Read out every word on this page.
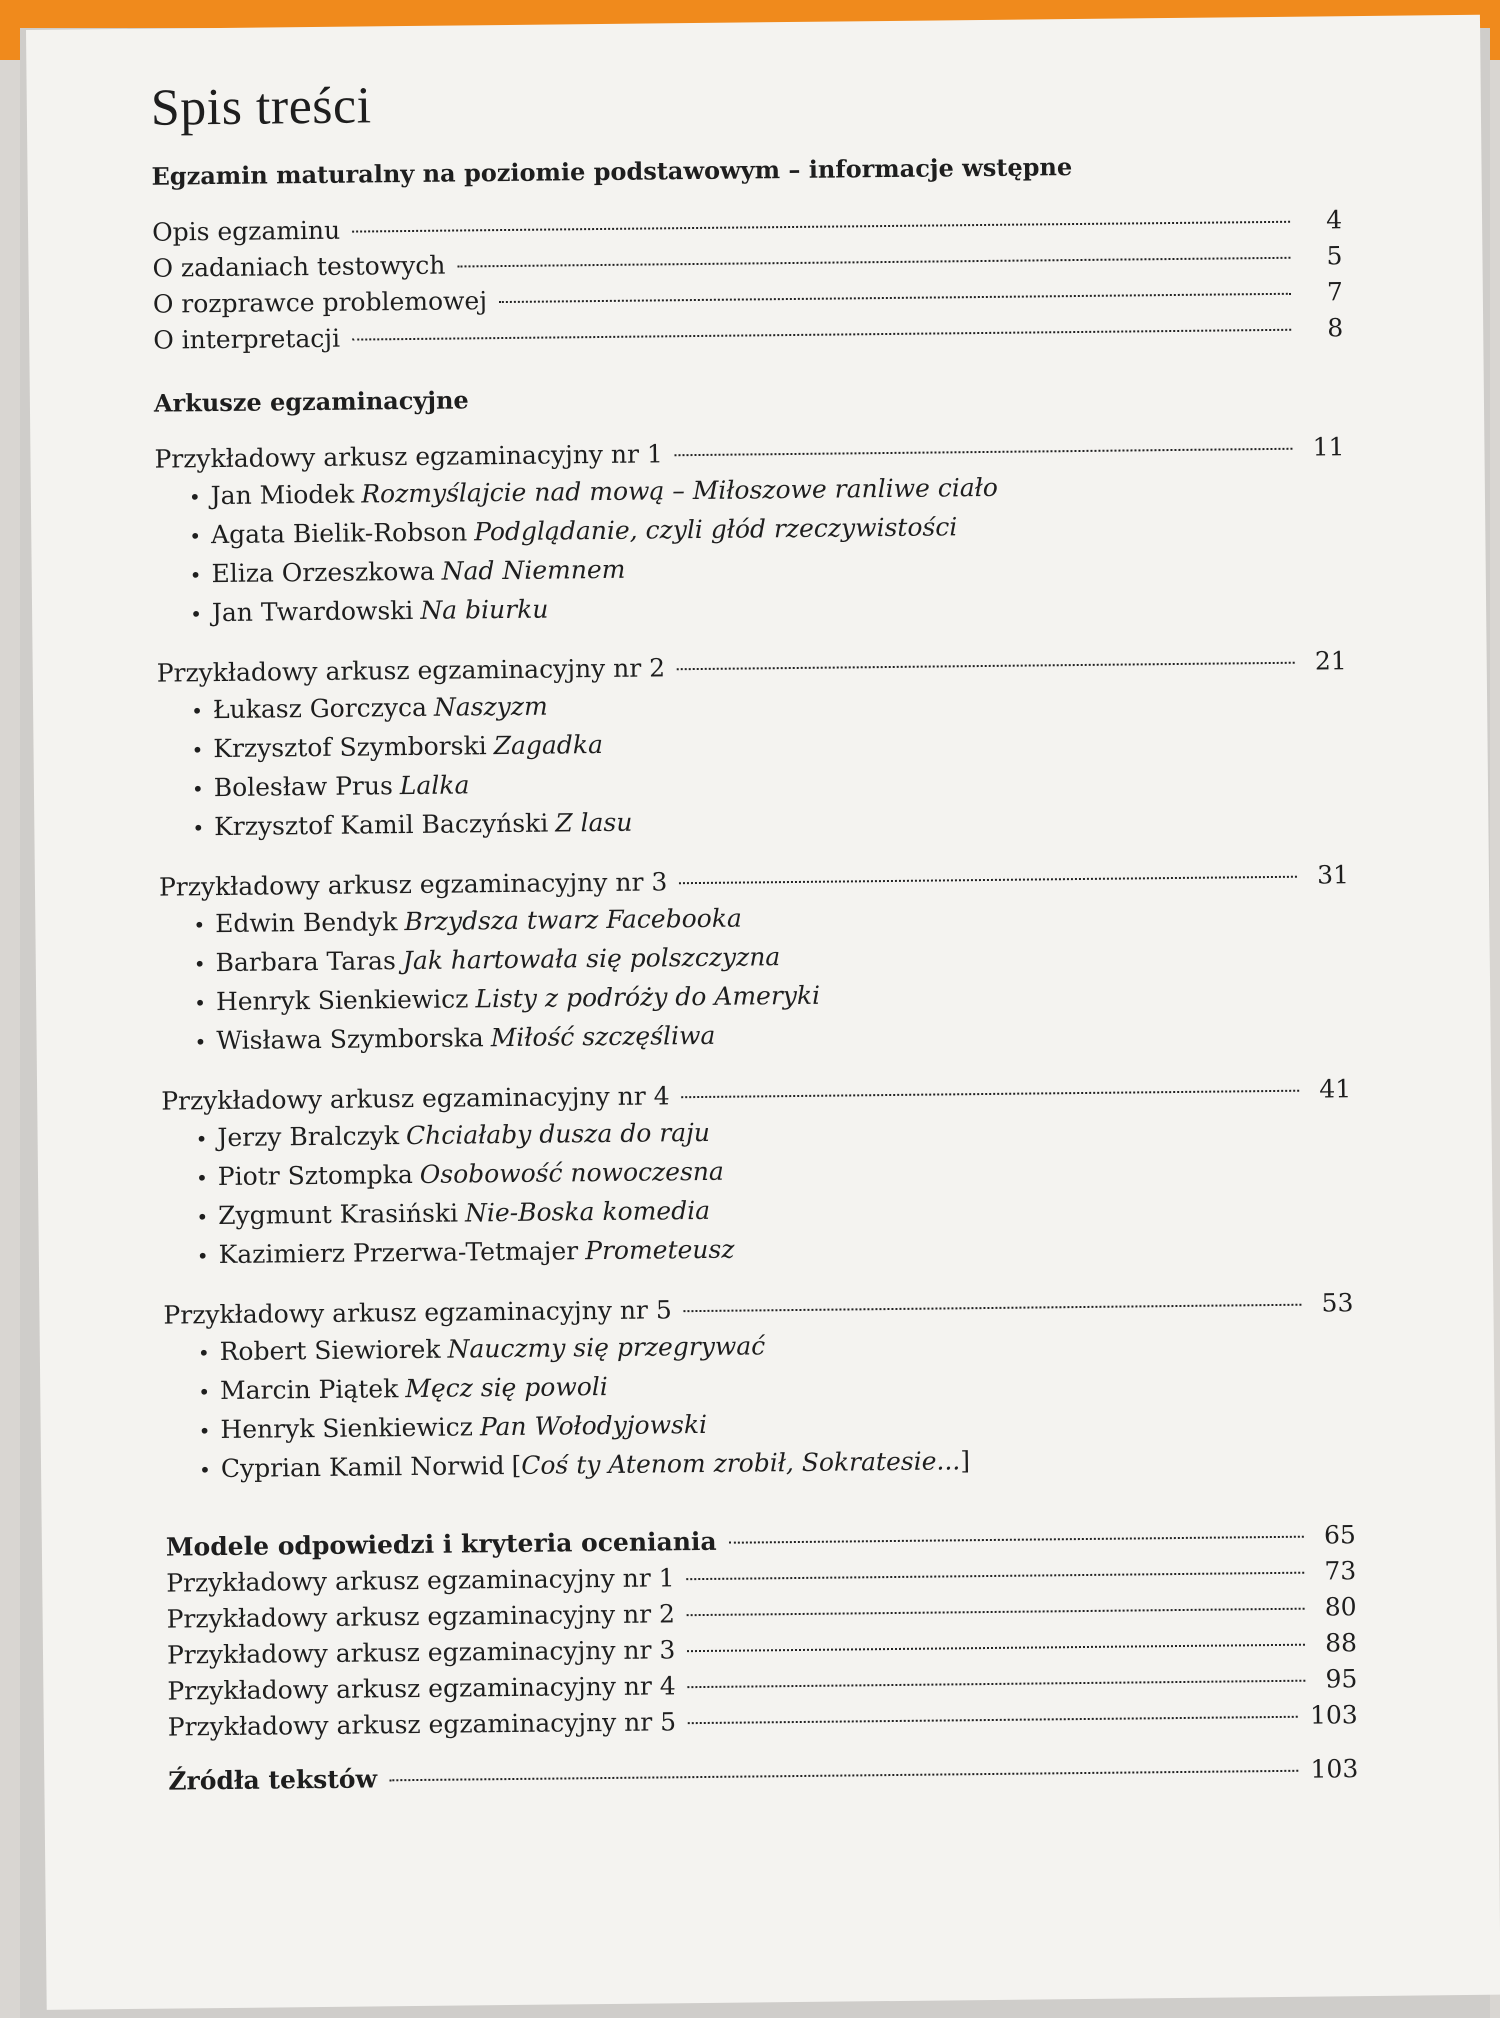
Spis treści
Egzamin maturalny na poziomie podstawowym – informacje wstępne
Opis egzaminu	4
O zadaniach testowych	5
O rozprawce problemowej	7
O interpretacji	8
Arkusze egzaminacyjne
Przykładowy arkusz egzaminacyjny nr 1	11
• Jan Miodek Rozmyślajcie nad mową – Miłoszowe ranliwe ciało
• Agata Bielik-Robson Podglądanie, czyli głód rzeczywistości
• Eliza Orzeszkowa Nad Niemnem
• Jan Twardowski Na biurku
Przykładowy arkusz egzaminacyjny nr 2	21
• Łukasz Gorczyca Naszyzm
• Krzysztof Szymborski Zagadka
• Bolesław Prus Lalka
• Krzysztof Kamil Baczyński Z lasu
Przykładowy arkusz egzaminacyjny nr 3	31
• Edwin Bendyk Brzydsza twarz Facebooka
• Barbara Taras Jak hartowała się polszczyzna
• Henryk Sienkiewicz Listy z podróży do Ameryki
• Wisława Szymborska Miłość szczęśliwa
Przykładowy arkusz egzaminacyjny nr 4	41
• Jerzy Bralczyk Chciałaby dusza do raju
• Piotr Sztompka Osobowość nowoczesna
• Zygmunt Krasiński Nie-Boska komedia
• Kazimierz Przerwa-Tetmajer Prometeusz
Przykładowy arkusz egzaminacyjny nr 5	53
• Robert Siewiorek Nauczmy się przegrywać
• Marcin Piątek Męcz się powoli
• Henryk Sienkiewicz Pan Wołodyjowski
• Cyprian Kamil Norwid [ Coś ty Atenom zrobił, Sokratesie... ]
Modele odpowiedzi i kryteria oceniania	65
Przykładowy arkusz egzaminacyjny nr 1	73
Przykładowy arkusz egzaminacyjny nr 2	80
Przykładowy arkusz egzaminacyjny nr 3	88
Przykładowy arkusz egzaminacyjny nr 4	95
Przykładowy arkusz egzaminacyjny nr 5	103
Źródła tekstów	103
